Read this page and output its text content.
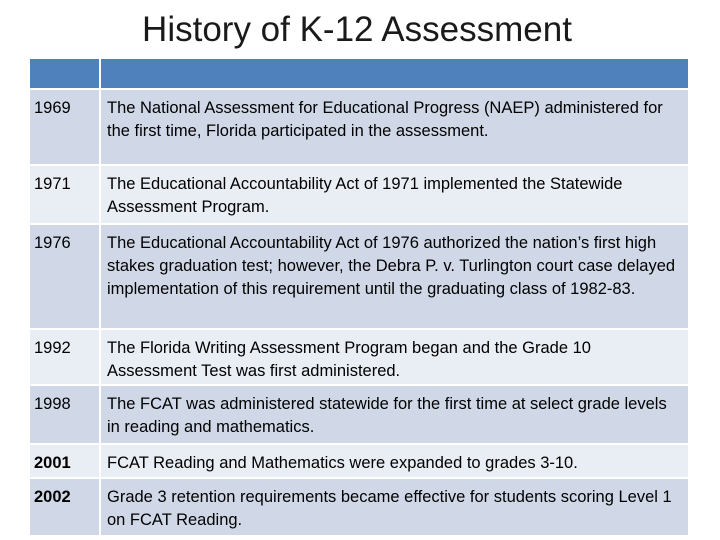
History of K-12 Assessment

1969	The National Assessment for Educational Progress (NAEP) administered for the first time, Florida participated in the assessment.
1971	The Educational Accountability Act of 1971 implemented the Statewide Assessment Program.
1976	The Educational Accountability Act of 1976 authorized the nation’s first high stakes graduation test; however, the Debra P. v. Turlington court case delayed implementation of this requirement until the graduating class of 1982-83.
1992	The Florida Writing Assessment Program began and the Grade 10 Assessment Test was first administered.
1998	The FCAT was administered statewide for the first time at select grade levels in reading and mathematics.
2001	FCAT Reading and Mathematics were expanded to grades 3-10.
2002	Grade 3 retention requirements became effective for students scoring Level 1 on FCAT Reading.
